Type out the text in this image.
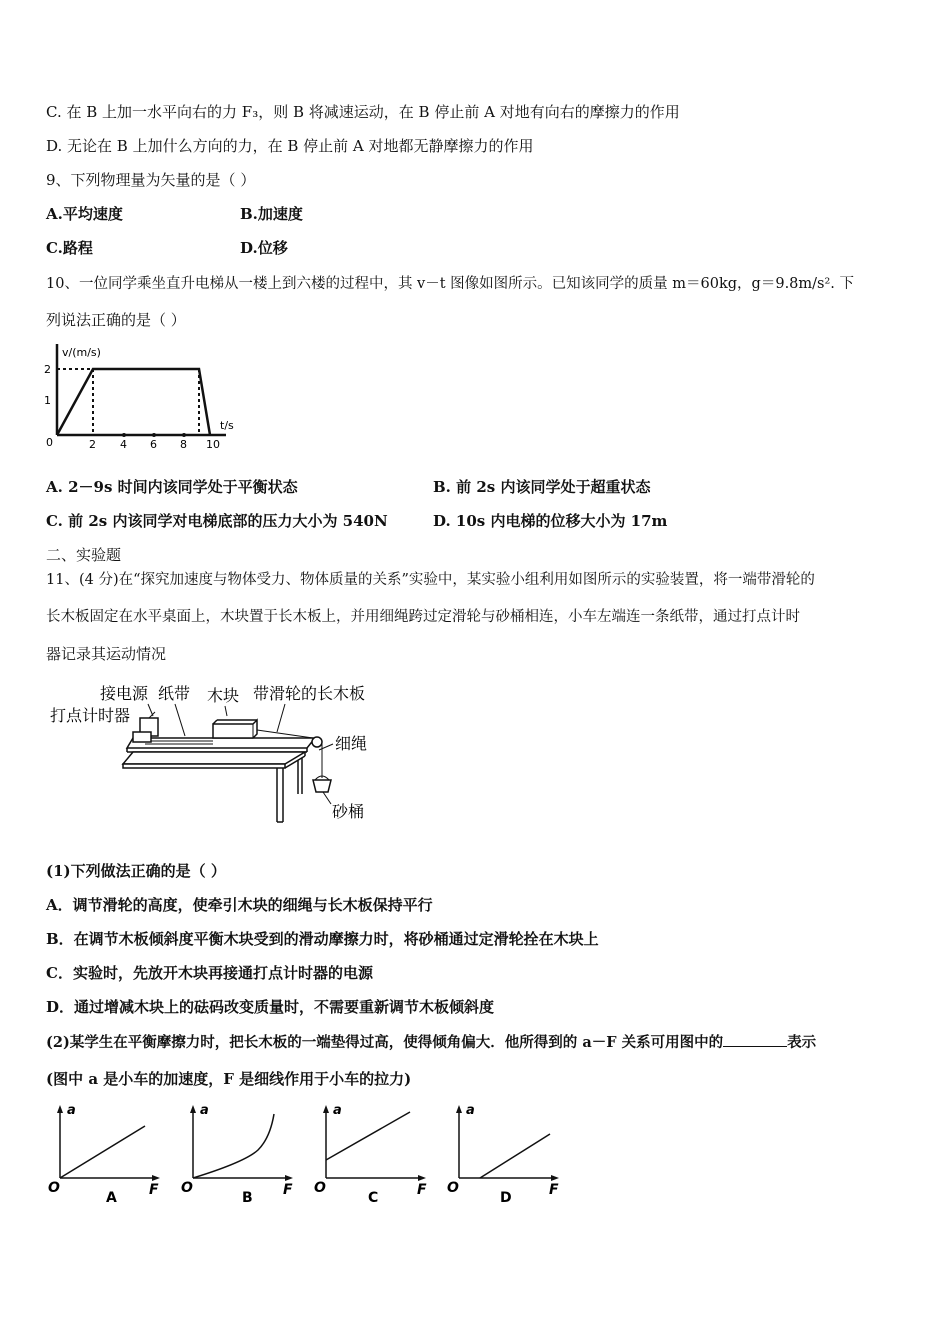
C. 在 B 上加一水平向右的力 F₃，则 B 将减速运动，在 B 停止前 A 对地有向右的摩擦力的作用
D. 无论在 B 上加什么方向的力，在 B 停止前 A 对地都无静摩擦力的作用
9、下列物理量为矢量的是（ ）
A.平均速度	B.加速度
C.路程	D.位移
10、一位同学乘坐直升电梯从一楼上到六楼的过程中，其 v－t 图像如图所示。已知该同学的质量 m＝60kg，g＝9.8m/s². 下
列说法正确的是（ ）
v/(m/s)
t/s
2
1
0	2 4 6 8 10
A. 2－9s 时间内该同学处于平衡状态	B. 前 2s 内该同学处于超重状态
C. 前 2s 内该同学对电梯底部的压力大小为 540N	D. 10s 内电梯的位移大小为 17m
二、实验题
11、(4 分)在“探究加速度与物体受力、物体质量的关系”实验中，某实验小组利用如图所示的实验装置，将一端带滑轮的
长木板固定在水平桌面上，木块置于长木板上，并用细绳跨过定滑轮与砂桶相连，小车左端连一条纸带，通过打点计时
器记录其运动情况
接电源 纸带 木块 带滑轮的长木板
打点计时器
细绳
砂桶
(1)下列做法正确的是（ ）
A．调节滑轮的高度，使牵引木块的细绳与长木板保持平行
B．在调节木板倾斜度平衡木块受到的滑动摩擦力时，将砂桶通过定滑轮拴在木块上
C．实验时，先放开木块再接通打点计时器的电源
D．通过增减木块上的砝码改变质量时，不需要重新调节木板倾斜度
(2)某学生在平衡摩擦力时，把长木板的一端垫得过高，使得倾角偏大．他所得到的 a－F 关系可用图中的	表示
(图中 a 是小车的加速度，F 是细线作用于小车的拉力)
a
O	F
A
a
O	F
B
a
O	F
C
a
O	F
D
